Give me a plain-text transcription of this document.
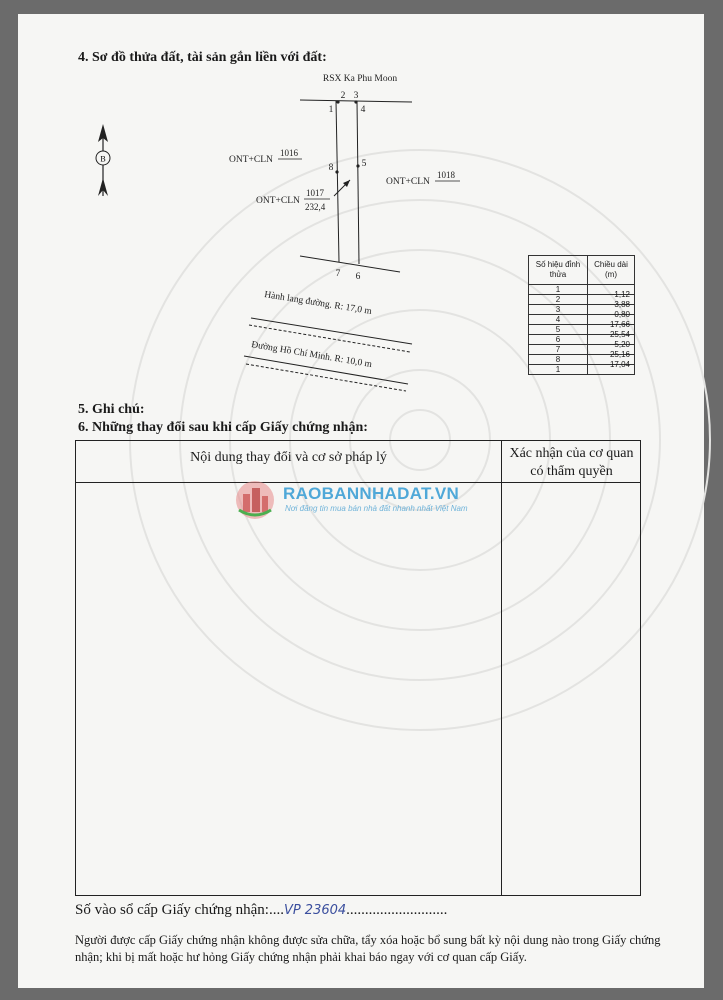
4. Sơ đồ thửa đất, tài sản gắn liền với đất:
B
RSX Ka Phu Moon
2 3
1	4
8	5
7 6
ONT+CLN
1016
ONT+CLN
1018
ONT+CLN
1017
232,4
Hành lang đường. R: 17,0 m
Đường Hồ Chí Minh. R: 10,0 m
Số hiệu đỉnh thửa	Chiều dài (m)
1	1,12
2	3,88
3	0,80
4	17,66
5	25,54
6	5,20
7	25,16
8	17,04
1	
5. Ghi chú:
6. Những thay đổi sau khi cấp Giấy chứng nhận:
Nội dung thay đổi và cơ sở pháp lý	Xác nhận của cơ quan
có thẩm quyền
RAOBANNHADAT.VN
Nơi đăng tin mua bán nhà đất nhanh nhất Việt Nam
Số vào sổ cấp Giấy chứng nhận:....VP 23604...........................
Người được cấp Giấy chứng nhận không được sửa chữa, tẩy xóa hoặc bổ sung bất kỳ nội dung nào trong Giấy chứng nhận; khi bị mất hoặc hư hỏng Giấy chứng nhận phải khai báo ngay với cơ quan cấp Giấy.
